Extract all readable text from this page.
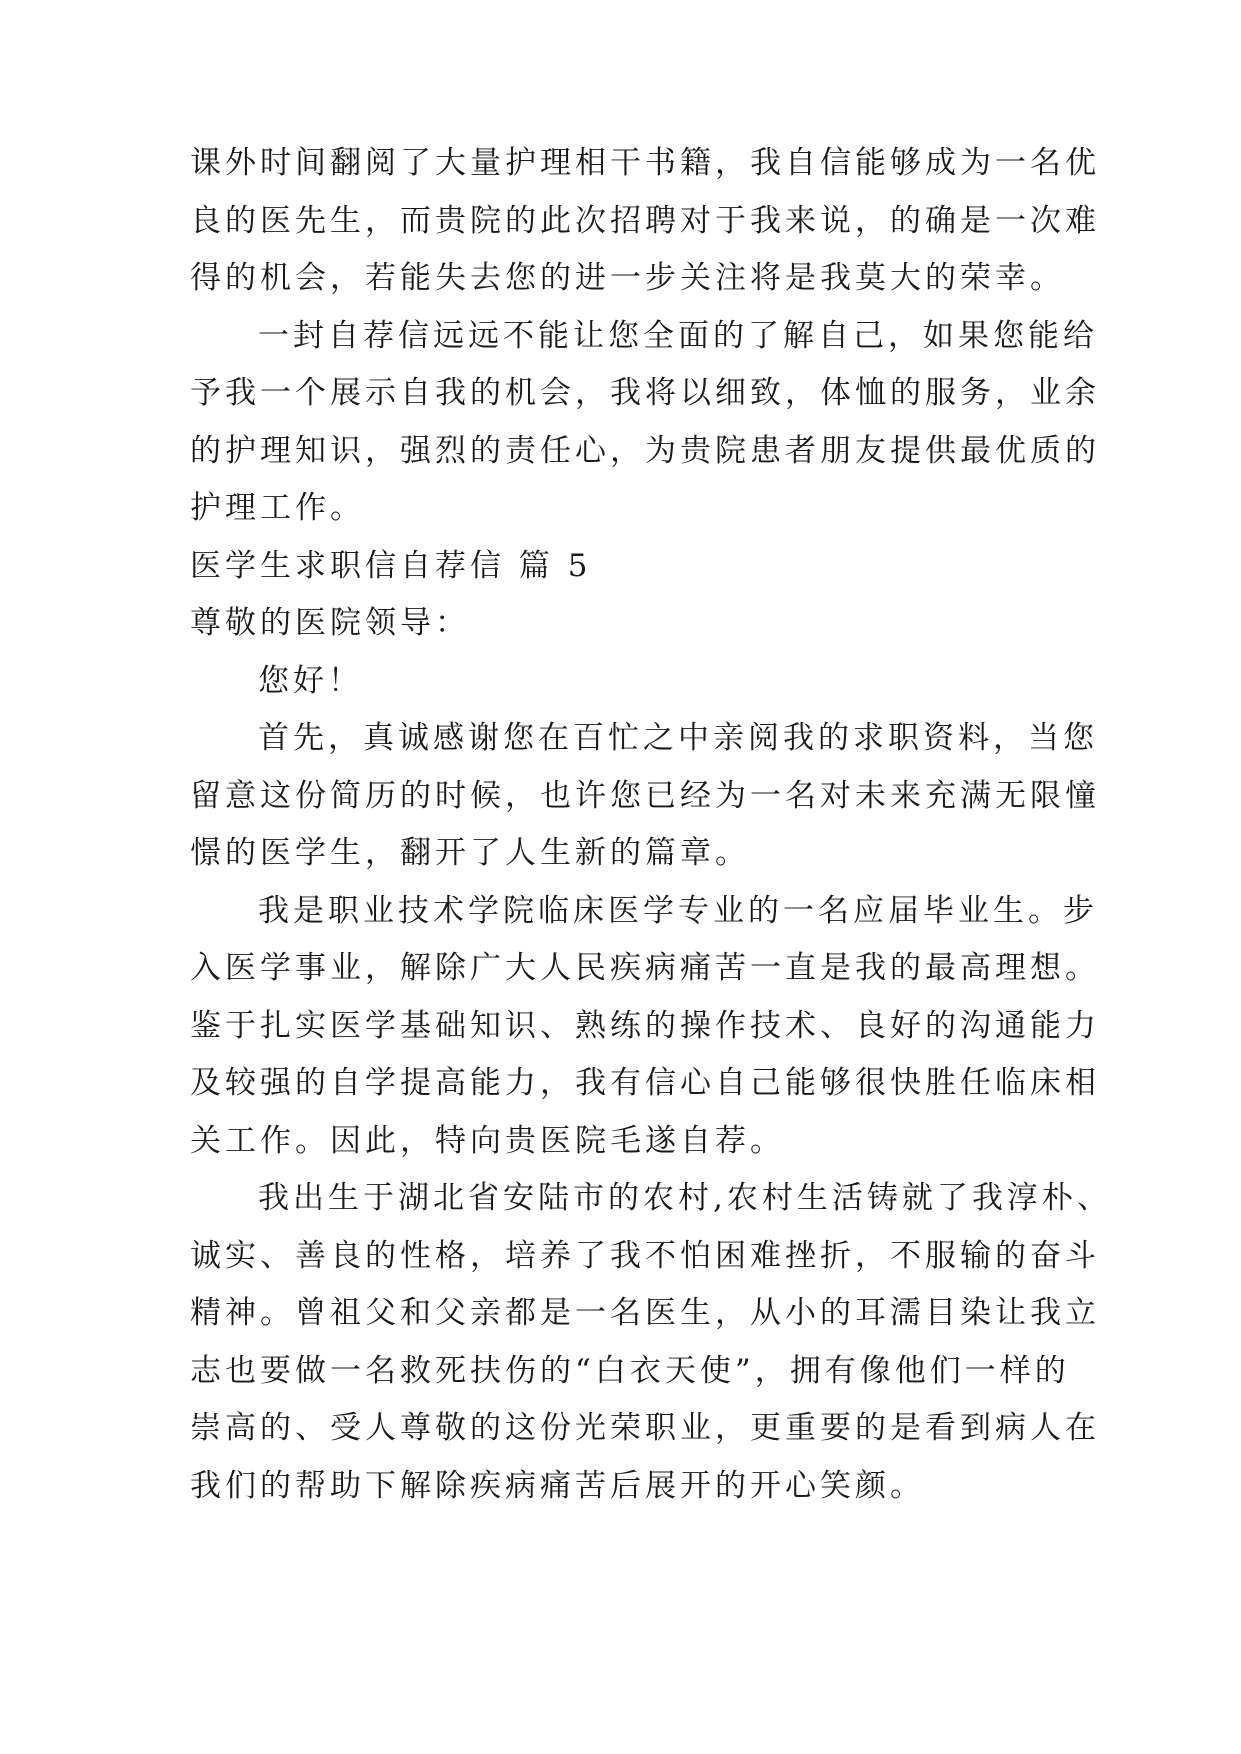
课外时间翻阅了大量护理相干书籍，我自信能够成为一名优

良的医先生，而贵院的此次招聘对于我来说，的确是一次难

得的机会，若能失去您的进一步关注将是我莫大的荣幸。

一封自荐信远远不能让您全面的了解自己，如果您能给

予我一个展示自我的机会，我将以细致，体恤的服务，业余

的护理知识，强烈的责任心，为贵院患者朋友提供最优质的

护理工作。

医学生求职信自荐信 篇 5

尊敬的医院领导：

您好！

首先，真诚感谢您在百忙之中亲阅我的求职资料，当您

留意这份简历的时候，也许您已经为一名对未来充满无限憧

憬的医学生，翻开了人生新的篇章。

我是职业技术学院临床医学专业的一名应届毕业生。步

入医学事业，解除广大人民疾病痛苦一直是我的最高理想。

鉴于扎实医学基础知识、熟练的操作技术、良好的沟通能力

及较强的自学提高能力，我有信心自己能够很快胜任临床相

关工作。因此，特向贵医院毛遂自荐。

我出生于湖北省安陆市的农村,农村生活铸就了我淳朴、

诚实、善良的性格，培养了我不怕困难挫折，不服输的奋斗

精神。曾祖父和父亲都是一名医生，从小的耳濡目染让我立

志也要做一名救死扶伤的“白衣天使”，拥有像他们一样的

崇高的、受人尊敬的这份光荣职业，更重要的是看到病人在

我们的帮助下解除疾病痛苦后展开的开心笑颜。
